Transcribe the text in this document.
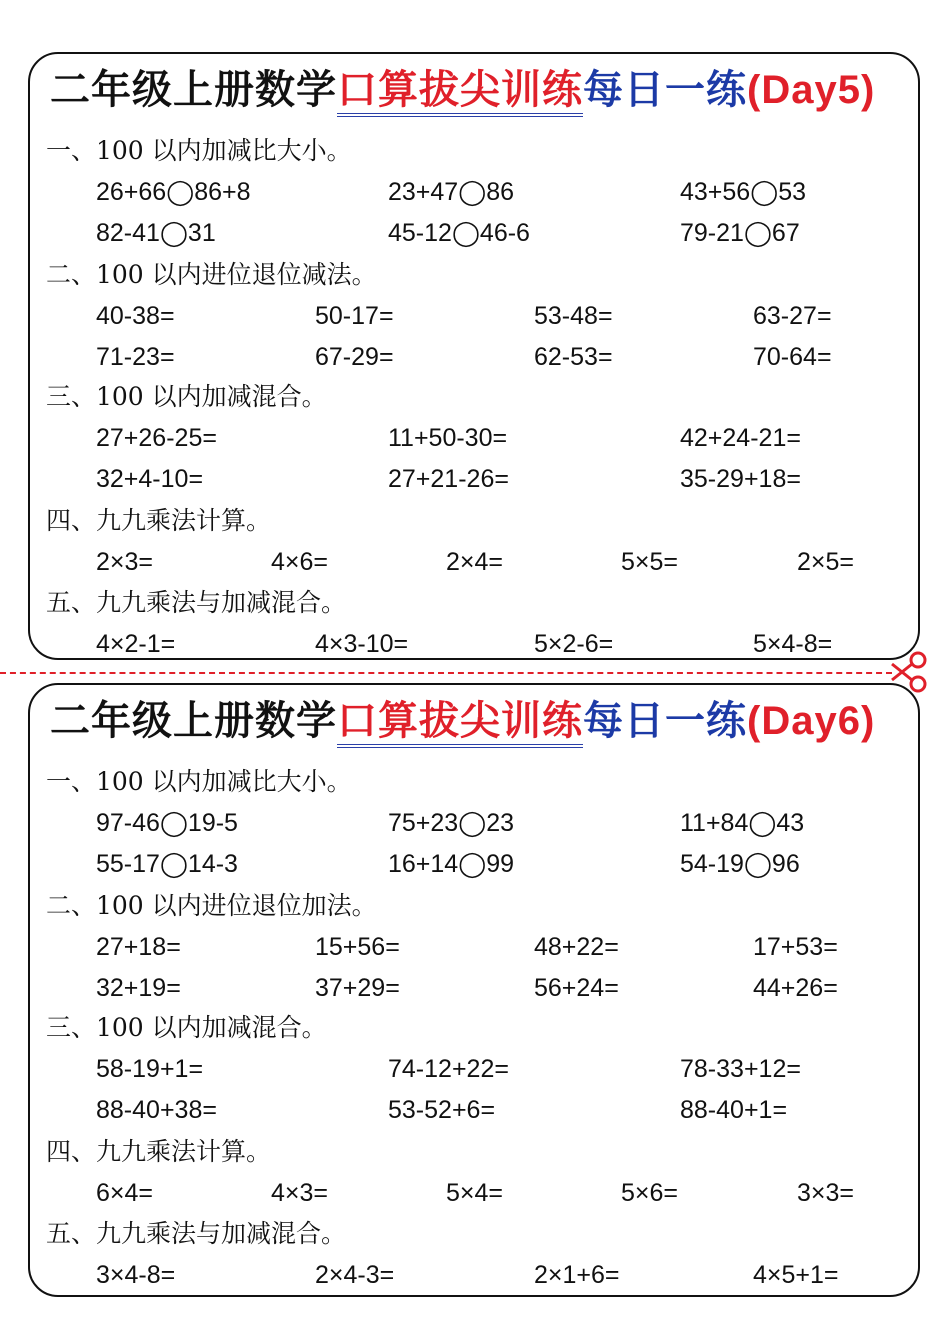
二年级上册数学口算拔尖训练每日一练(Day5)
一、100 以内加减比大小。
26+66◯86+8	23+47◯86	43+56◯53
82-41◯31	45-12◯46-6	79-21◯67
二、100 以内进位退位减法。
40-38=	50-17=	53-48=	63-27=
71-23=	67-29=	62-53=	70-64=
三、100 以内加减混合。
27+26-25=	11+50-30=	42+24-21=
32+4-10=	27+21-26=	35-29+18=
四、九九乘法计算。
2×3=	4×6=	2×4=	5×5=	2×5=
五、九九乘法与加减混合。
4×2-1=	4×3-10=	5×2-6=	5×4-8=
二年级上册数学口算拔尖训练每日一练(Day6)
一、100 以内加减比大小。
97-46◯19-5	75+23◯23	11+84◯43
55-17◯14-3	16+14◯99	54-19◯96
二、100 以内进位退位加法。
27+18=	15+56=	48+22=	17+53=
32+19=	37+29=	56+24=	44+26=
三、100 以内加减混合。
58-19+1=	74-12+22=	78-33+12=
88-40+38=	53-52+6=	88-40+1=
四、九九乘法计算。
6×4=	4×3=	5×4=	5×6=	3×3=
五、九九乘法与加减混合。
3×4-8=	2×4-3=	2×1+6=	4×5+1=
